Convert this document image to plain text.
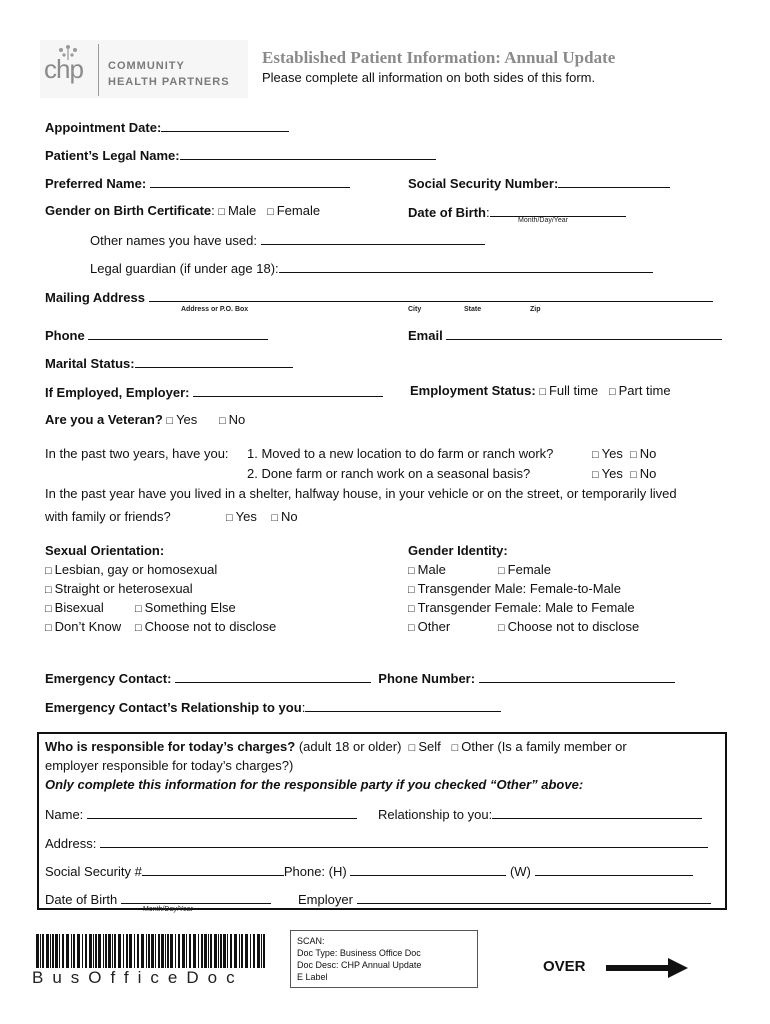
chp COMMUNITY
HEALTH PARTNERS
Established Patient Information: Annual Update
Please complete all information on both sides of this form.
Appointment Date:
Patient’s Legal Name:
Preferred Name:	Social Security Number:
Gender on Birth Certificate: □ Male □ Female	Date of Birth:
Month/Day/Year
Other names you have used:
Legal guardian (if under age 18):
Mailing Address
Address or P.O. Box	City	State	Zip
Phone	Email
Marital Status:
If Employed, Employer:	Employment Status: □ Full time □ Part time
Are you a Veteran? □ Yes □ No
In the past two years, have you: 1. Moved to a new location to do farm or ranch work?	□ Yes □ No
2. Done farm or ranch work on a seasonal basis?	□ Yes □ No
In the past year have you lived in a shelter, halfway house, in your vehicle or on the street, or temporarily lived
with family or friends?	□ Yes □ No
Sexual Orientation:
□ Lesbian, gay or homosexual
□ Straight or heterosexual
□ Bisexual	□ Something Else
□ Don’t Know □ Choose not to disclose
Gender Identity:
□ Male	□ Female
□ Transgender Male: Female-to-Male
□ Transgender Female: Male to Female
□ Other	□ Choose not to disclose
Emergency Contact:	Phone Number:
Emergency Contact’s Relationship to you:
Who is responsible for today’s charges? (adult 18 or older) □ Self □ Other (Is a family member or
employer responsible for today’s charges?)
Only complete this information for the responsible party if you checked “Other” above:
Name:	Relationship to you:
Address:
Social Security #	Phone: (H)	(W)
Date of Birth
Month/Day/Year
Employer
BusOfficeDoc
SCAN:
Doc Type: Business Office Doc
Doc Desc: CHP Annual Update
E Label
OVER
